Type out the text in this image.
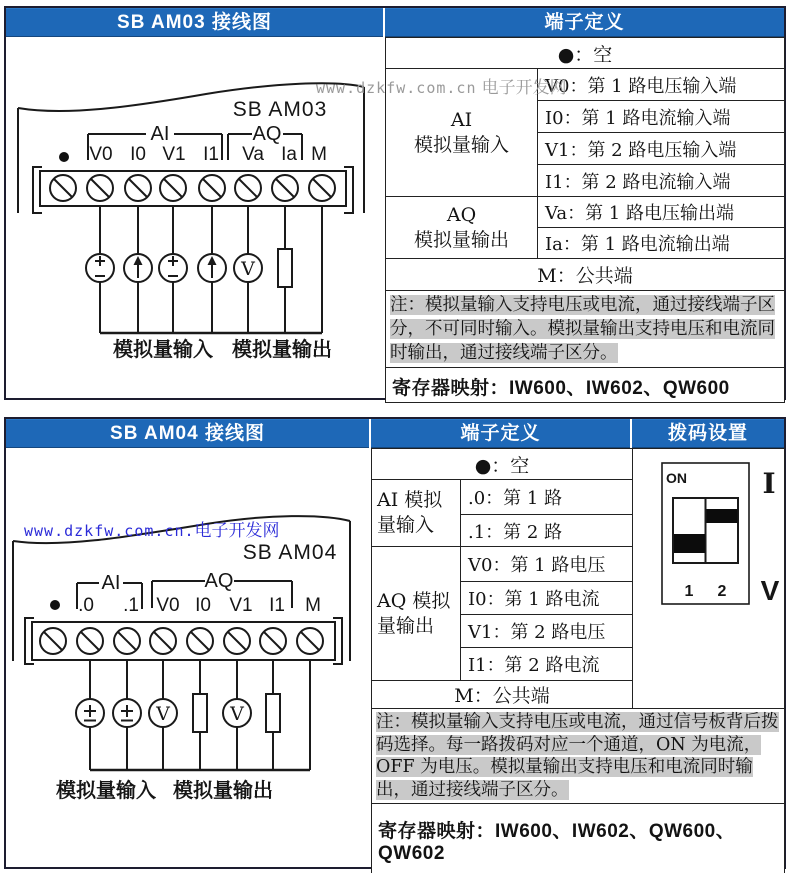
SB AM03 接线图	端子定义
SB AM03
AI	AQ
V0 I0 V1 I1 Va Ia M
V
模拟量输入 模拟量输出
●：空	

AI
模拟量输入	V0：第 1 路电压输入端
	I0：第 1 路电流输入端
	V1：第 2 路电压输入端
	I1：第 2 路电流输入端

AQ
模拟量输出	Va：第 1 路电压输出端
	Ia：第 1 路电流输出端
M：公共端	
注：模拟量输入支持电压或电流，通过接线端子区分，不可同时输入。模拟量输出支持电压和电流同时输出，通过接线端子区分。	
寄存器映射：IW600、IW602、QW600	
www.dzkfw.com.cn 电子开发网
SB AM04 接线图	端子定义	拨码设置
SB AM04
AI	AQ
.0 .1 V0 I0 V1 I1 M
V	V
模拟量输入 模拟量输出
●：空		ON
1 2
I
V

AI 模拟量输入	.0：第 1 路	
	.1：第 2 路	
AQ 模拟量输出	V0：第 1 路电压	
	I0：第 1 路电流	
	V1：第 2 路电压	
	I1：第 2 路电流	
M：公共端		
注：模拟量输入支持电压或电流，通过信号板背后拨码选择。每一路拨码对应一个通道，ON 为电流，OFF 为电压。模拟量输出支持电压和电流同时输出，通过接线端子区分。		
寄存器映射：IW600、IW602、QW600、QW602		
www.dzkfw.com.cn.电子开发网
